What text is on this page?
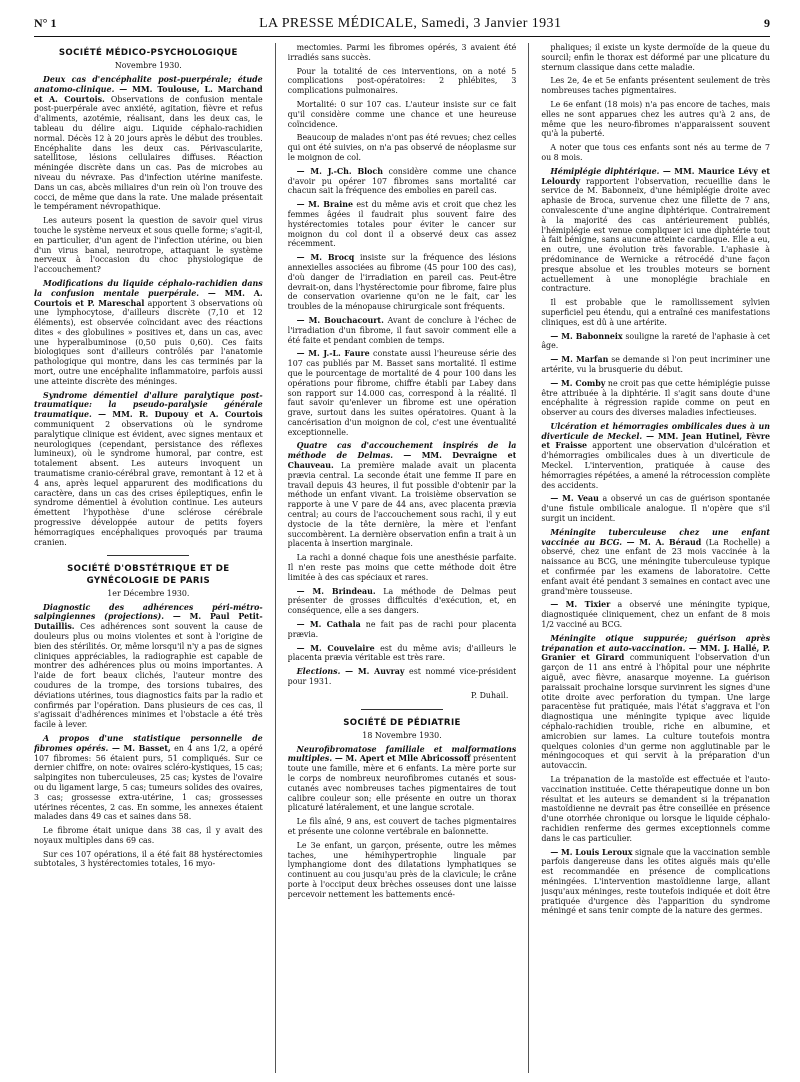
N° 1	LA PRESSE MÉDICALE, Samedi, 3 Janvier 1931	9
SOCIÉTÉ MÉDICO-PSYCHOLOGIQUE
Novembre 1930.

Deux cas d'encéphalite post-puerpérale; étude anatomo-clinique. — MM. Toulouse, L. Marchand et A. Courtois. Observations de confusion mentale post-puerpérale avec anxiété, agitation, fièvre et refus d'aliments, azotémie, réalisant, dans les deux cas, le tableau du délire aigu. Liquide céphalo-rachidien normal. Décès 12 à 20 jours après le début des troubles. Encéphalite dans les deux cas. Périvascularite, satellitose, lésions cellulaires diffuses. Réaction méningée discrète dans un cas. Pas de microbes au niveau du névraxe. Pas d'infection utérine manifeste. Dans un cas, abcès miliaires d'un rein où l'on trouve des cocci, de même que dans la rate. Une malade présentait le tempérament névropathique.

Les auteurs posent la question de savoir quel virus touche le système nerveux et sous quelle forme; s'agit-il, en particulier, d'un agent de l'infection utérine, ou bien d'un virus banal, neurotrope, attaquant le système nerveux à l'occasion du choc physiologique de l'accouchement?

Modifications du liquide céphalo-rachidien dans la confusion mentale puerpérale. — MM. A. Courtois et P. Mareschal apportent 3 observations où une lymphocytose, d'ailleurs discrète (7,10 et 12 éléments), est observée coïncidant avec des réactions dites « des globulines » positives et, dans un cas, avec une hyperalbuminose (0,50 puis 0,60). Ces faits biologiques sont d'ailleurs contrôlés par l'anatomie pathologique qui montre, dans les cas terminés par la mort, outre une encéphalite inflammatoire, parfois aussi une atteinte discrète des méninges.

Syndrome démentiel d'allure paralytique post-traumatique: la pseudo-paralysie générale traumatique. — MM. R. Dupouy et A. Courtois communiquent 2 observations où le syndrome paralytique clinique est évident, avec signes mentaux et neurologiques (cependant, persistance des réflexes lumineux), où le syndrome humoral, par contre, est totalement absent. Les auteurs invoquent un traumatisme cranio-cérébral grave, remontant à 12 et à 4 ans, après lequel apparurent des modifications du caractère, dans un cas des crises épileptiques, enfin le syndrome démentiel à évolution continue. Les auteurs émettent l'hypothèse d'une sclérose cérébrale progressive développée autour de petits foyers hémorragiques encéphaliques provoqués par trauma cranien.

SOCIÉTÉ D'OBSTÉTRIQUE ET DE GYNÉCOLOGIE DE PARIS
1er Décembre 1930.

Diagnostic des adhérences péri-métro-salpingiennes (projections). — M. Paul Petit-Dutaillis. Ces adhérences sont souvent la cause de douleurs plus ou moins violentes et sont à l'origine de bien des stérilités. Or, même lorsqu'il n'y a pas de signes cliniques appréciables, la radiographie est capable de montrer des adhérences plus ou moins importantes. A l'aide de fort beaux clichés, l'auteur montre des coudures de la trompe, des torsions tubaires, des déviations utérines, tous diagnostics faits par la radio et confirmés par l'opération. Dans plusieurs de ces cas, il s'agissait d'adhérences minimes et l'obstacle a été très facile à lever.

A propos d'une statistique personnelle de fibromes opérés. — M. Basset, en 4 ans 1/2, a opéré 107 fibromes: 56 étaient purs, 51 compliqués. Sur ce dernier chiffre, on note: ovaires scléro-kystiques, 15 cas; salpingites non tuberculeuses, 25 cas; kystes de l'ovaire ou du ligament large, 5 cas; tumeurs solides des ovaires, 3 cas; grossesse extra-utérine, 1 cas; grossesses utérines récentes, 2 cas. En somme, les annexes étaient malades dans 49 cas et saines dans 58.

Le fibrome était unique dans 38 cas, il y avait des noyaux multiples dans 69 cas.

Sur ces 107 opérations, il a été fait 88 hystérectomies subtotales, 3 hystérectomies totales, 16 myo-

mectomies. Parmi les fibromes opérés, 3 avaient été irradiés sans succès.

Pour la totalité de ces interventions, on a noté 5 complications post-opératoires: 2 phlébites, 3 complications pulmonaires.

Mortalité: 0 sur 107 cas. L'auteur insiste sur ce fait qu'il considère comme une chance et une heureuse coïncidence.

Beaucoup de malades n'ont pas été revues; chez celles qui ont été suivies, on n'a pas observé de néoplasme sur le moignon de col.

— M. J.-Ch. Bloch considère comme une chance d'avoir pu opérer 107 fibromes sans mortalité car chacun sait la fréquence des embolies en pareil cas.

— M. Braine est du même avis et croit que chez les femmes âgées il faudrait plus souvent faire des hystérectomies totales pour éviter le cancer sur moignon du col dont il a observé deux cas assez récemment.

— M. Brocq insiste sur la fréquence des lésions annexielles associées au fibrome (45 pour 100 des cas), d'où danger de l'irradiation en pareil cas. Peut-être devrait-on, dans l'hystérectomie pour fibrome, faire plus de conservation ovarienne qu'on ne le fait, car les troubles de la ménopause chirurgicale sont fréquents.

— M. Bouchacourt. Avant de conclure à l'échec de l'irradiation d'un fibrome, il faut savoir comment elle a été faite et pendant combien de temps.

— M. J.-L. Faure constate aussi l'heureuse série des 107 cas publiés par M. Basset sans mortalité. Il estime que le pourcentage de mortalité de 4 pour 100 dans les opérations pour fibrome, chiffre établi par Labey dans son rapport sur 14.000 cas, correspond à la réalité. Il faut savoir qu'enlever un fibrome est une opération grave, surtout dans les suites opératoires. Quant à la cancérisation d'un moignon de col, c'est une éventualité exceptionnelle.

Quatre cas d'accouchement inspirés de la méthode de Delmas. — MM. Devraigne et Chauveau. La première malade avait un placenta prævia central. La seconde était une femme II pare en travail depuis 43 heures, il fut possible d'obtenir par la méthode un enfant vivant. La troisième observation se rapporte à une V pare de 44 ans, avec placenta prævia central; au cours de l'accouchement sous rachi, il y eut dystocie de la tête dernière, la mère et l'enfant succombèrent. La dernière observation enfin a trait à un placenta à insertion marginale.

La rachi a donné chaque fois une anesthésie parfaite. Il n'en reste pas moins que cette méthode doit être limitée à des cas spéciaux et rares.

— M. Brindeau. La méthode de Delmas peut présenter de grosses difficultés d'exécution, et, en conséquence, elle a ses dangers.

— M. Cathala ne fait pas de rachi pour placenta prævia.

— M. Couvelaire est du même avis; d'ailleurs le placenta prævia véritable est très rare.

Elections. — M. Auvray est nommé vice-président pour 1931.

P. Duhail.
SOCIÉTÉ DE PÉDIATRIE
18 Novembre 1930.

Neurofibromatose familiale et malformations multiples. — M. Apert et Mlle Abricossoff présentent toute une famille, mère et 6 enfants. La mère porte sur le corps de nombreux neurofibromes cutanés et sous-cutanés avec nombreuses taches pigmentaires de tout calibre couleur son; elle présente en outre un thorax plicaturé latéralement, et une langue scrotale.

Le fils aîné, 9 ans, est couvert de taches pigmentaires et présente une colonne vertébrale en baïonnette.

Le 3e enfant, un garçon, présente, outre les mêmes taches, une hémihypertrophie linguale par lymphangiome dont des dilatations lymphatiques se continuent au cou jusqu'au près de la clavicule; le crâne porte à l'occiput deux brèches osseuses dont une laisse percevoir nettement les battements encé-

phaliques; il existe un kyste dermoïde de la queue du sourcil; enfin le thorax est déformé par une plicature du sternum classique dans cette maladie.

Les 2e, 4e et 5e enfants présentent seulement de très nombreuses taches pigmentaires.

Le 6e enfant (18 mois) n'a pas encore de taches, mais elles ne sont apparues chez les autres qu'à 2 ans, de même que les neuro-fibromes n'apparaissent souvent qu'à la puberté.

A noter que tous ces enfants sont nés au terme de 7 ou 8 mois.

Hémiplégie diphtérique. — MM. Maurice Lévy et Lelourdy rapportent l'observation, recueillie dans le service de M. Babonneix, d'une hémiplégie droite avec aphasie de Broca, survenue chez une fillette de 7 ans, convalescente d'une angine diphtérique. Contrairement à la majorité des cas antérieurement publiés, l'hémiplégie est venue compliquer ici une diphtérie tout à fait bénigne, sans aucune atteinte cardiaque. Elle a eu, en outre, une évolution très favorable. L'aphasie à prédominance de Wernicke a rétrocédé d'une façon presque absolue et les troubles moteurs se bornent actuellement à une monoplégie brachiale en contracture.

Il est probable que le ramollissement sylvien superficiel peu étendu, qui a entraîné ces manifestations cliniques, est dû à une artérite.

— M. Babonneix souligne la rareté de l'aphasie à cet âge.

— M. Marfan se demande si l'on peut incriminer une artérite, vu la brusquerie du début.

— M. Comby ne croit pas que cette hémiplégie puisse être attribuée à la diphtérie. Il s'agit sans doute d'une encéphalite à régression rapide comme on peut en observer au cours des diverses maladies infectieuses.

Ulcération et hémorragies ombilicales dues à un diverticule de Meckel. — MM. Jean Hutinel, Fèvre et Fraisse apportent une observation d'ulcération et d'hémorragies ombilicales dues à un diverticule de Meckel. L'intervention, pratiquée à cause des hémorragies répétées, a amené la rétrocession complète des accidents.

— M. Veau a observé un cas de guérison spontanée d'une fistule ombilicale analogue. Il n'opère que s'il surgit un incident.

Méningite tuberculeuse chez une enfant vaccinée au BCG. — M. A. Béraud (La Rochelle) a observé, chez une enfant de 23 mois vaccinée à la naissance au BCG, une méningite tuberculeuse typique et confirmée par les examens de laboratoire. Cette enfant avait été pendant 3 semaines en contact avec une grand'mère tousseuse.

— M. Tixier a observé une méningite typique, diagnostiquée cliniquement, chez un enfant de 8 mois 1/2 vacciné au BCG.

Méningite otique suppurée; guérison après trépanation et auto-vaccination. — MM. J. Hallé, P. Granier et Girard communiquent l'observation d'un garçon de 11 ans entré à l'hôpital pour une néphrite aiguë, avec fièvre, anasarque moyenne. La guérison paraissait prochaine lorsque survinrent les signes d'une otite droite avec perforation du tympan. Une large paracentèse fut pratiquée, mais l'état s'aggrava et l'on diagnostiqua une méningite typique avec liquide céphalo-rachidien trouble, riche en albumine, et amicrobien sur lames. La culture toutefois montra quelques colonies d'un germe non agglutinable par le méningocoques et qui servit à la préparation d'un autovaccin.

La trépanation de la mastoïde est effectuée et l'auto-vaccination instituée. Cette thérapeutique donne un bon résultat et les auteurs se demandent si la trépanation mastoïdienne ne devrait pas être conseillée en présence d'une otorrhée chronique ou lorsque le liquide céphalo-rachidien renferme des germes exceptionnels comme dans le cas particulier.

— M. Louis Leroux signale que la vaccination semble parfois dangereuse dans les otites aiguës mais qu'elle est recommandée en présence de complications méningées. L'intervention mastoïdienne large, allant jusqu'aux méninges, reste toutefois indiquée et doit être pratiquée d'urgence dès l'apparition du syndrome méningé et sans tenir compte de la nature des germes.
